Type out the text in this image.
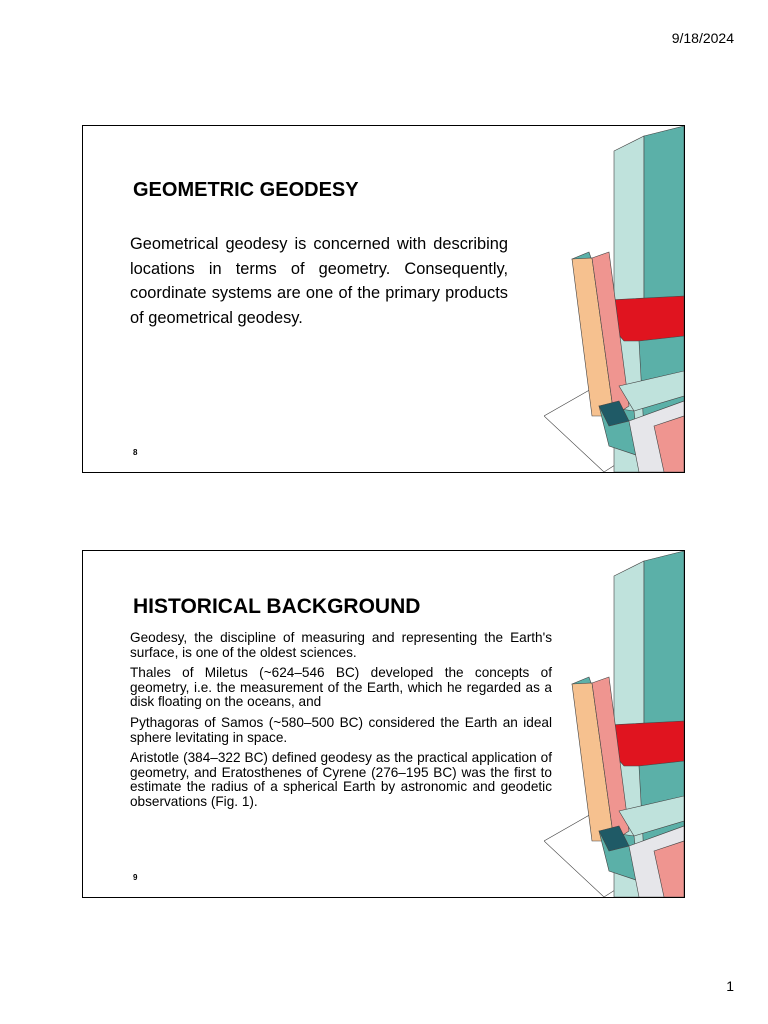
9/18/2024
GEOMETRIC GEODESY

Geometrical geodesy is concerned with describing locations in terms of geometry. Consequently, coordinate systems are one of the primary products of geometrical geodesy.

8
HISTORICAL BACKGROUND

Geodesy, the discipline of measuring and representing the Earth's surface, is one of the oldest sciences.

Thales of Miletus (~624–546 BC) developed the concepts of geometry, i.e. the measurement of the Earth, which he regarded as a disk floating on the oceans, and

Pythagoras of Samos (~580–500 BC) considered the Earth an ideal sphere levitating in space.

Aristotle (384–322 BC) defined geodesy as the practical application of geometry, and Eratosthenes of Cyrene (276–195 BC) was the first to estimate the radius of a spherical Earth by astronomic and geodetic observations (Fig. 1).

9
1
